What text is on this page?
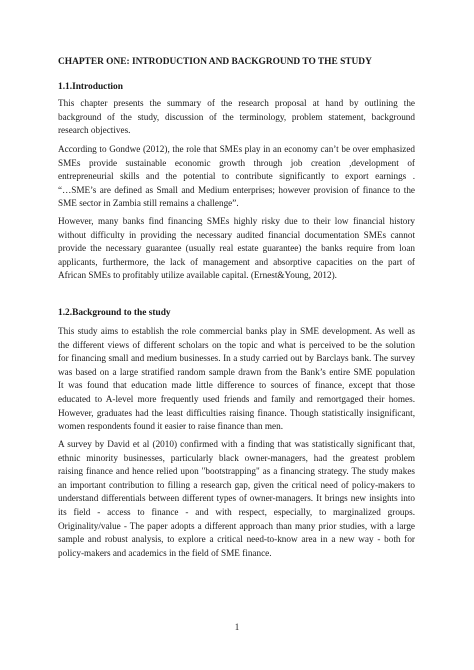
CHAPTER ONE: INTRODUCTION AND BACKGROUND TO THE STUDY
1.1.Introduction
This chapter presents the summary of the research proposal at hand by outlining the
background of the study, discussion of the terminology, problem statement, background
research objectives.
According to Gondwe (2012), the role that SMEs play in an economy can’t be over emphasized
SMEs provide sustainable economic growth through job creation ,development of
entrepreneurial skills and the potential to contribute significantly to export earnings .
“…SME’s are defined as Small and Medium enterprises; however provision of finance to the
SME sector in Zambia still remains a challenge”.
However, many banks find financing SMEs highly risky due to their low financial history
without difficulty in providing the necessary audited financial documentation SMEs cannot
provide the necessary guarantee (usually real estate guarantee) the banks require from loan
applicants, furthermore, the lack of management and absorptive capacities on the part of
African SMEs to profitably utilize available capital. (Ernest&Young, 2012).
1.2.Background to the study
This study aims to establish the role commercial banks play in SME development. As well as
the different views of different scholars on the topic and what is perceived to be the solution
for financing small and medium businesses. In a study carried out by Barclays bank. The survey
was based on a large stratified random sample drawn from the Bank’s entire SME population
It was found that education made little difference to sources of finance, except that those
educated to A-level more frequently used friends and family and remortgaged their homes.
However, graduates had the least difficulties raising finance. Though statistically insignificant,
women respondents found it easier to raise finance than men.
A survey by David et al (2010) confirmed with a finding that was statistically significant that,
ethnic minority businesses, particularly black owner-managers, had the greatest problem
raising finance and hence relied upon "bootstrapping" as a financing strategy. The study makes
an important contribution to filling a research gap, given the critical need of policy-makers to
understand differentials between different types of owner-managers. It brings new insights into
its field - access to finance - and with respect, especially, to marginalized groups.
Originality/value - The paper adopts a different approach than many prior studies, with a large
sample and robust analysis, to explore a critical need-to-know area in a new way - both for
policy-makers and academics in the field of SME finance.
1
